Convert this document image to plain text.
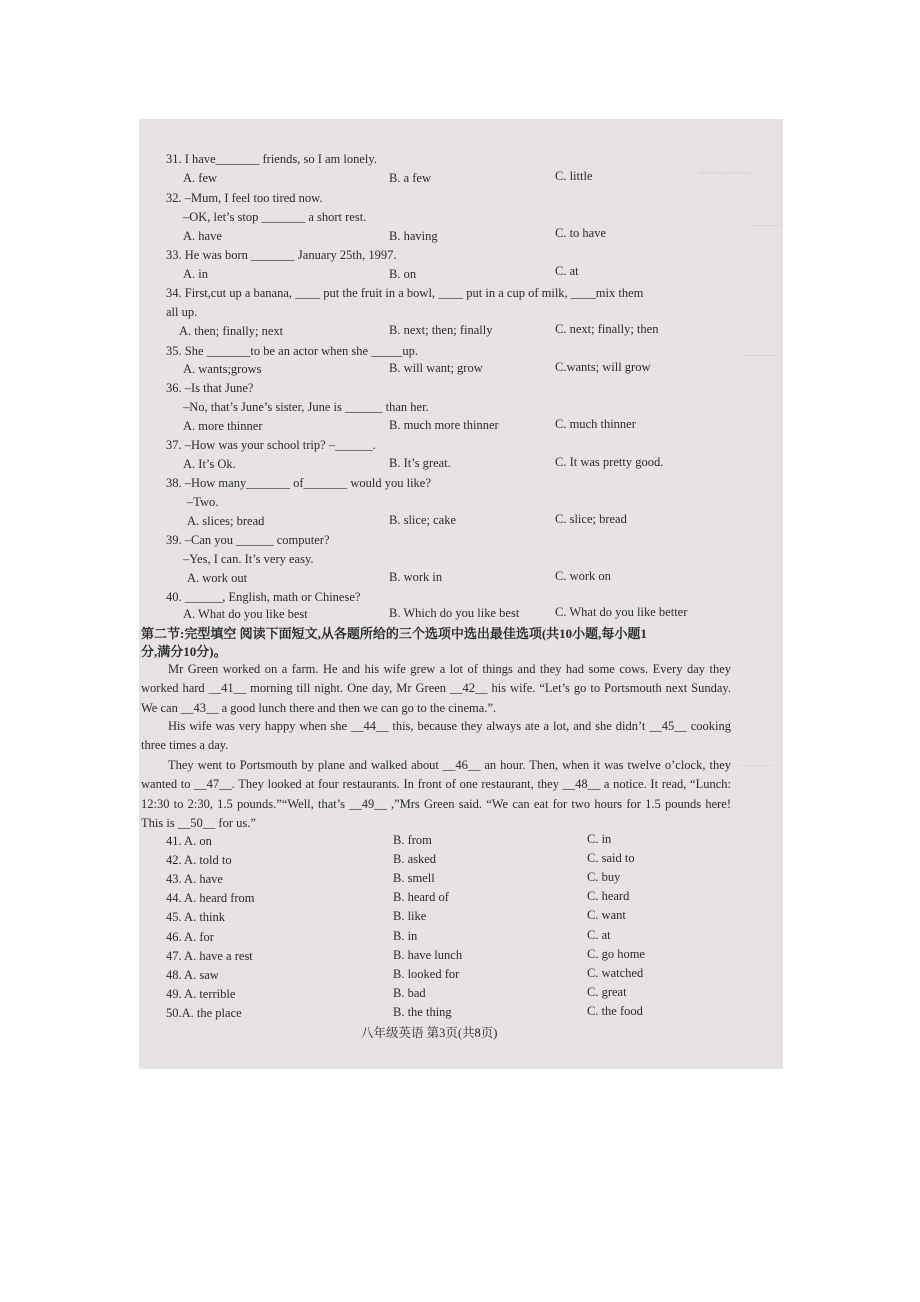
~~~~~~~~~
———
———
———
31. I have_______ friends, so I am lonely.
A. few	B. a few	C. little
32. –Mum, I feel too tired now.
–OK, let’s stop _______ a short rest.
A. have	B. having	C. to have
33. He was born _______ January 25th, 1997.
A. in	B. on	C. at
34. First,cut up a banana, ____ put the fruit in a bowl, ____ put in a cup of milk, ____mix them
all up.
A. then; finally; next	B. next; then; finally	C. next; finally; then
35. She _______to be an actor when she _____up.
A. wants;grows	B. will want; grow	C.wants; will grow
36. –Is that June?
–No, that’s June’s sister, June is ______ than her.
A. more thinner	B. much more thinner	C. much thinner
37. –How was your school trip? –______.
A. It’s Ok.	B. It’s great.	C. It was pretty good.
38. –How many_______ of_______ would you like?
–Two.
A. slices; bread	B. slice; cake	C. slice; bread
39. –Can you ______ computer?
–Yes, I can. It’s very easy.
A. work out	B. work in	C. work on
40. ______, English, math or Chinese?
A. What do you like best	B. Which do you like best	C. What do you like better
第二节:完型填空 阅读下面短文,从各题所给的三个选项中选出最佳选项(共10小题,每小题1
分,满分10分)。
Mr Green worked on a farm. He and his wife grew a lot of things and they had some cows. Every day they worked hard __41__ morning till night. One day, Mr Green __42__ his wife. “Let’s go to Portsmouth next Sunday. We can __43__ a good lunch there and then we can go to the cinema.”.
His wife was very happy when she __44__ this, because they always ate a lot, and she didn’t __45__ cooking three times a day.
They went to Portsmouth by plane and walked about __46__ an hour. Then, when it was twelve o’clock, they wanted to __47__. They looked at four restaurants. In front of one restaurant, they __48__ a notice. It read, “Lunch: 12:30 to 2:30, 1.5 pounds.”“Well, that’s __49__ ,”Mrs Green said. “We can eat for two hours for 1.5 pounds here! This is __50__ for us.”
41. A. on	B. from	C. in
42. A. told to	B. asked	C. said to
43. A. have	B. smell	C. buy
44. A. heard from	B. heard of	C. heard
45. A. think	B. like	C. want
46. A. for	B. in	C. at
47. A. have a rest	B. have lunch	C. go home
48. A. saw	B. looked for	C. watched
49. A. terrible	B. bad	C. great
50.A. the place	B. the thing	C. the food
八年级英语 第3页(共8页)
